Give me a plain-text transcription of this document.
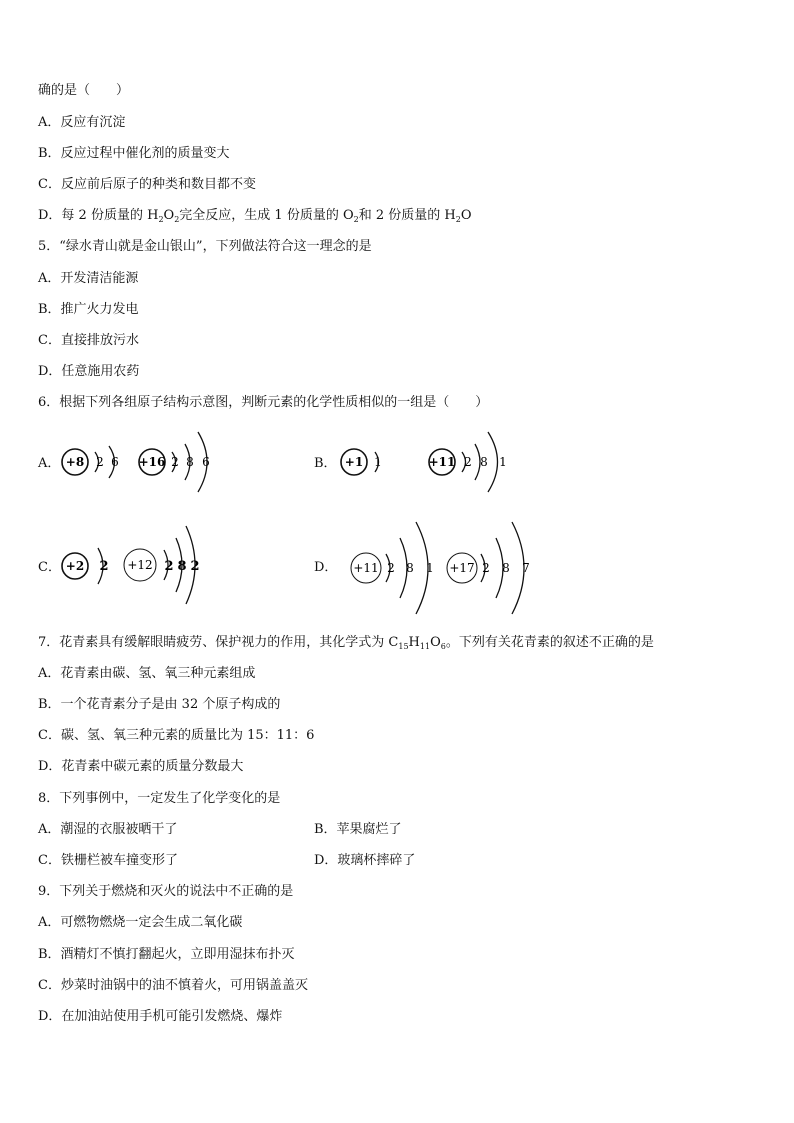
确的是（　　）
A．反应有沉淀
B．反应过程中催化剂的质量变大
C．反应前后原子的种类和数目都不变
D．每 2 份质量的 $H_2O_2$完全反应，生成 1 份质量的 $O_2$和 2 份质量的 $H_2O$
5．“绿水青山就是金山银山”，下列做法符合这一理念的是
A．开发清洁能源
B．推广火力发电
C．直接排放污水
D．任意施用农药
6．根据下列各组原子结构示意图，判断元素的化学性质相似的一组是（　　）
A．	B．
C．	D．
+8 2 6 +16 2 8 6	+1 1	+11 2 8 1
+2 2 +12 2 8 2	+11 2 8 1 +17 2 8 7
7．花青素具有缓解眼睛疲劳、保护视力的作用，其化学式为 $C_{15}H_{11}O_6$。下列有关花青素的叙述不正确的是
A．花青素由碳、氢、氧三种元素组成
B．一个花青素分子是由 32 个原子构成的
C．碳、氢、氧三种元素的质量比为 15：11：6
D．花青素中碳元素的质量分数最大
8．下列事例中，一定发生了化学变化的是
A．潮湿的衣服被晒干了	B．苹果腐烂了
C．铁栅栏被车撞变形了	D．玻璃杯摔碎了
9．下列关于燃烧和灭火的说法中不正确的是
A．可燃物燃烧一定会生成二氧化碳
B．酒精灯不慎打翻起火，立即用湿抹布扑灭
C．炒菜时油锅中的油不慎着火，可用锅盖盖灭
D．在加油站使用手机可能引发燃烧、爆炸
